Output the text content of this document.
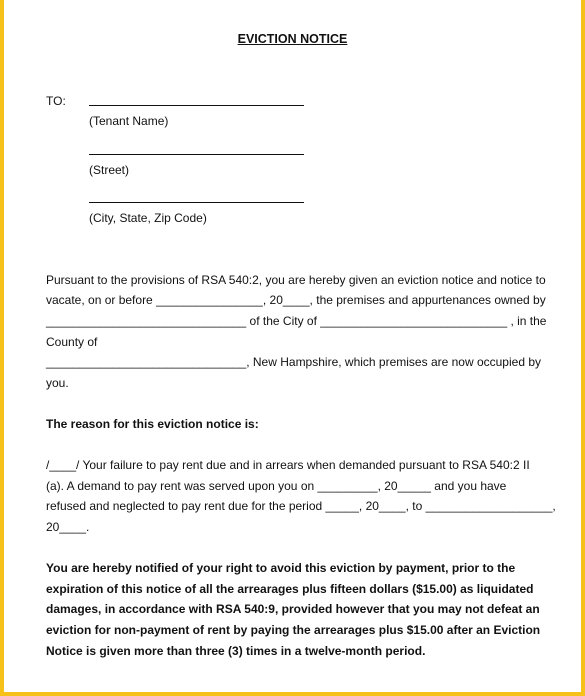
EVICTION NOTICE
TO:
(Tenant Name)
(Street)
(City, State, Zip Code)
Pursuant to the provisions of RSA 540:2, you are hereby given an eviction notice and notice to
vacate, on or before ________________, 20____, the premises and appurtenances owned by
______________________________ of the City of ____________________________ , in the
County of
______________________________, New Hampshire, which premises are now occupied by
you.
The reason for this eviction notice is:
/____/ Your failure to pay rent due and in arrears when demanded pursuant to RSA 540:2 II
(a). A demand to pay rent was served upon you on _________, 20_____ and you have
refused and neglected to pay rent due for the period _____, 20____, to ___________________,
20____.
You are hereby notified of your right to avoid this eviction by payment, prior to the
expiration of this notice of all the arrearages plus fifteen dollars ($15.00) as liquidated
damages, in accordance with RSA 540:9, provided however that you may not defeat an
eviction for non-payment of rent by paying the arrearages plus $15.00 after an Eviction
Notice is given more than three (3) times in a twelve-month period.
